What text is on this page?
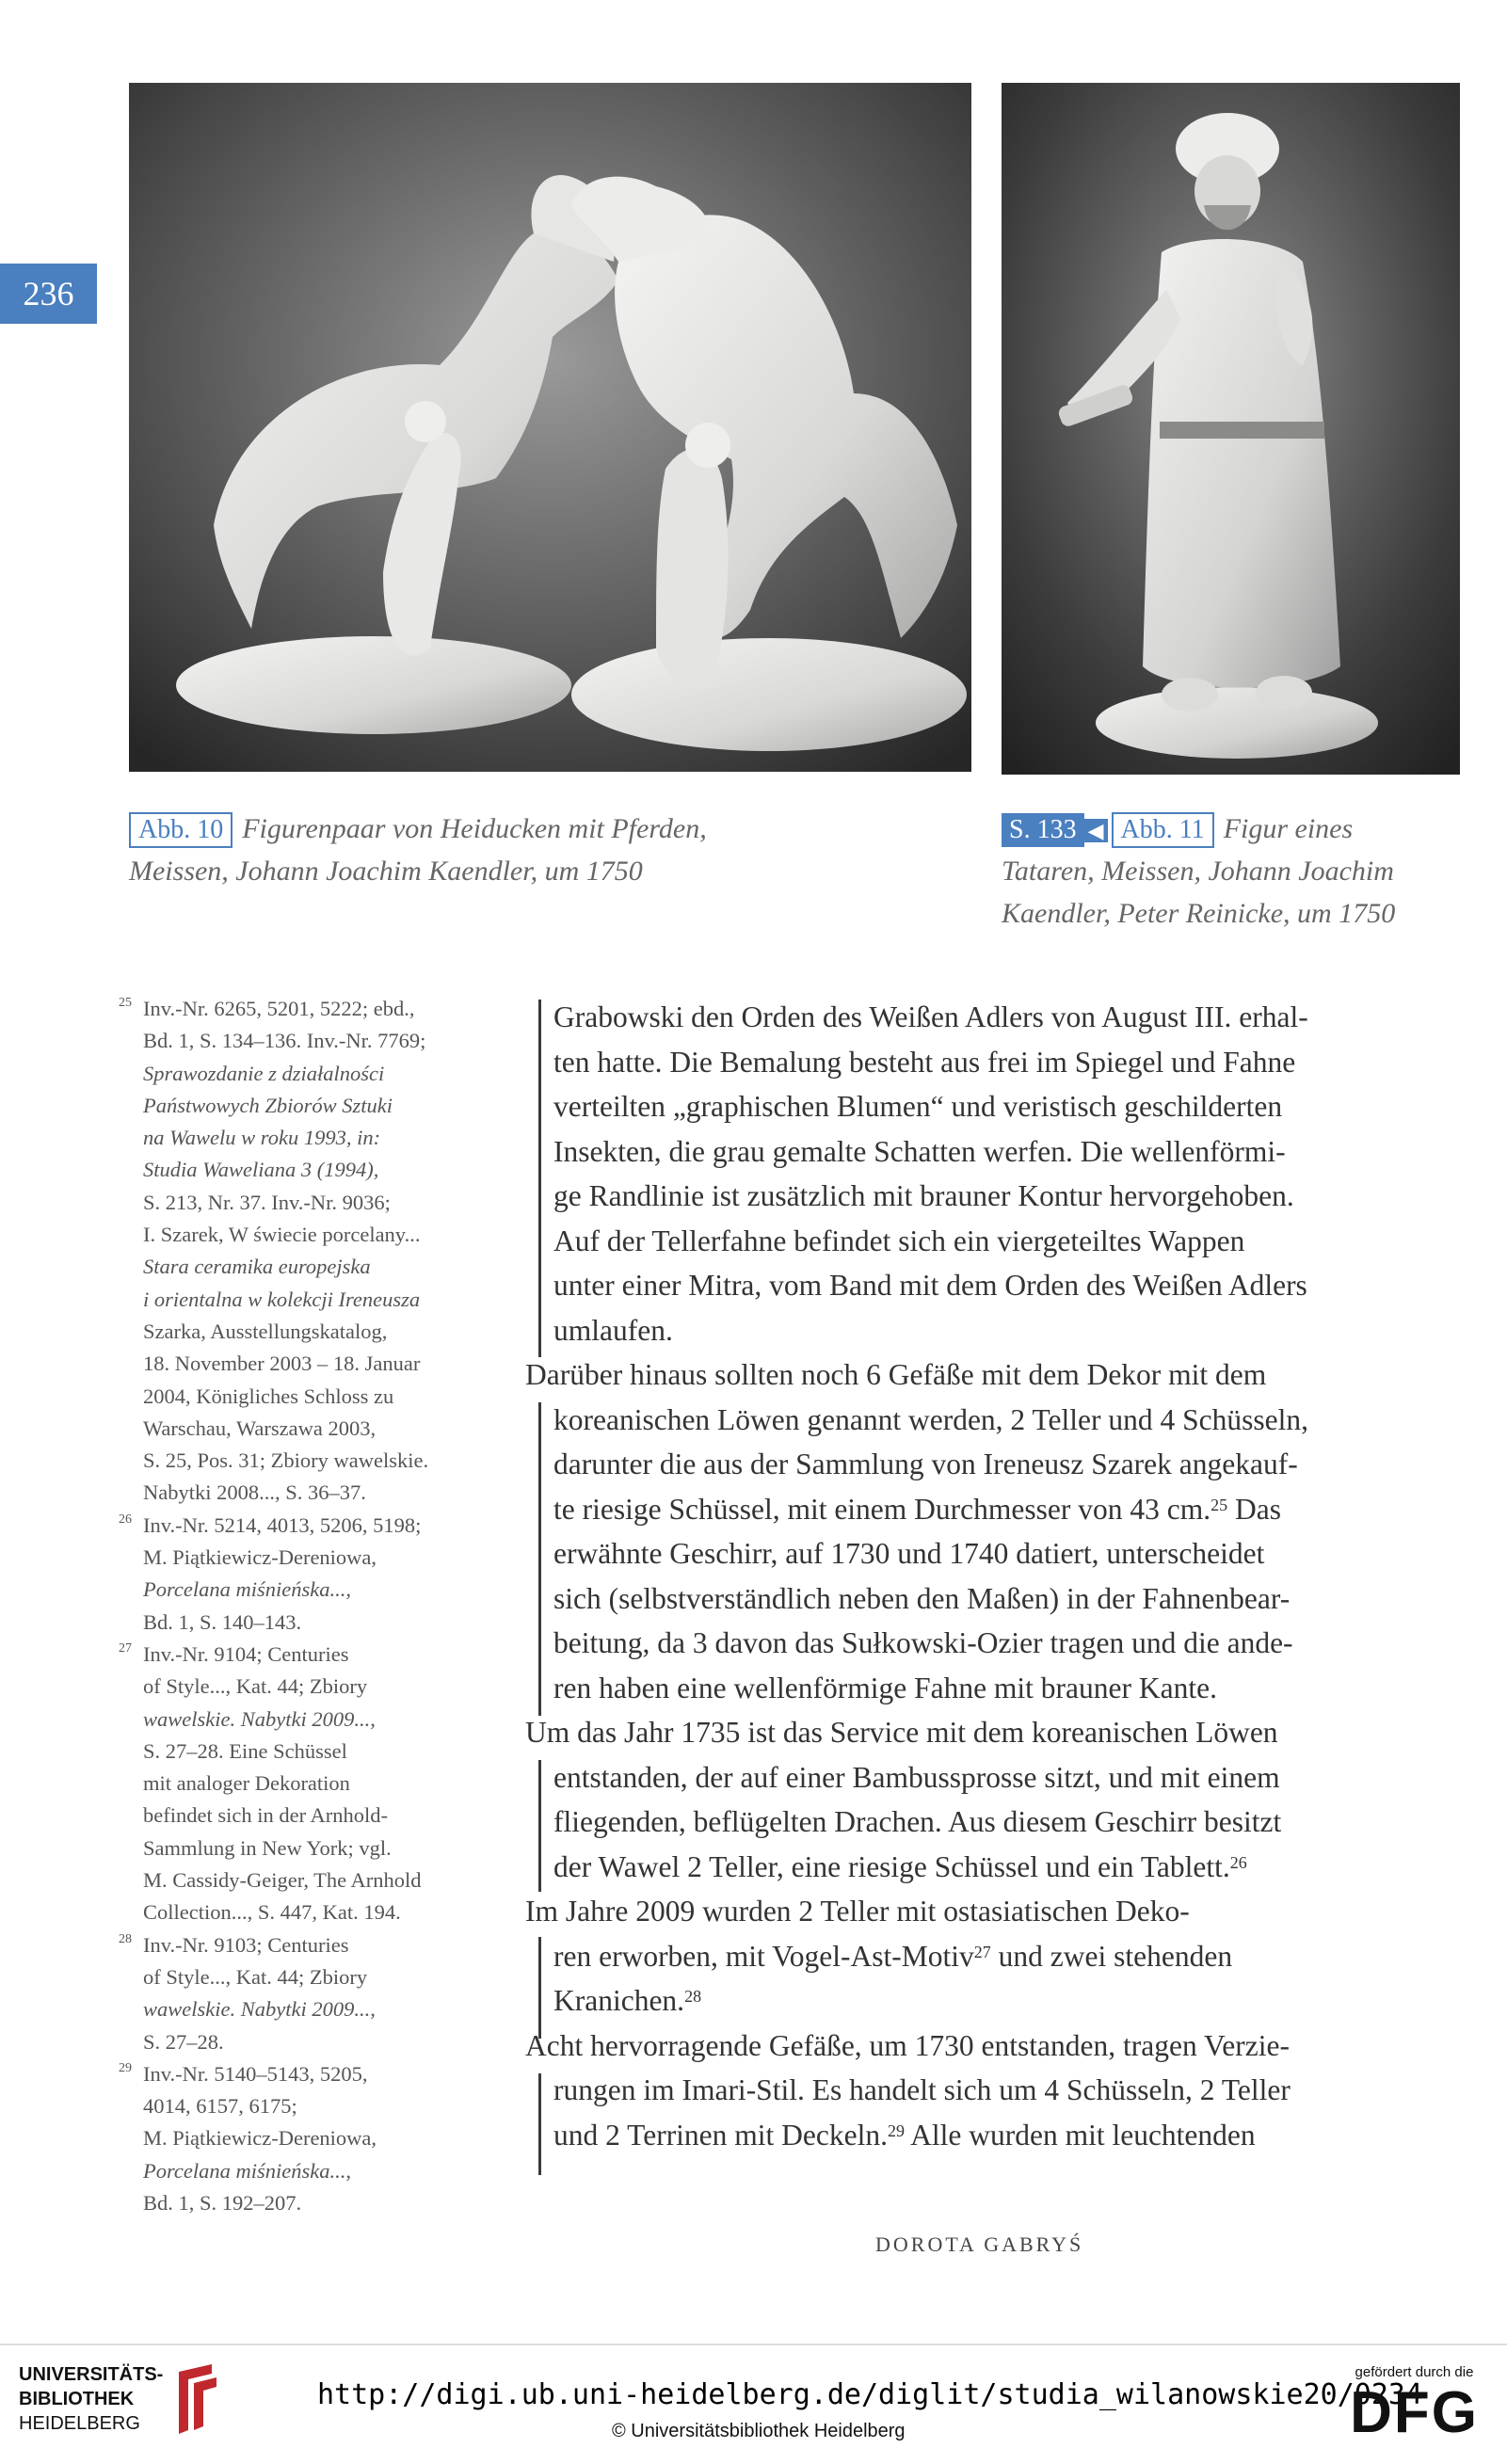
236
Abb. 10 Figurenpaar von Heiducken mit Pferden,
Meissen, Johann Joachim Kaendler, um 1750
S. 133 ◀ Abb. 11 Figur eines
Tataren, Meissen, Johann Joachim
Kaendler, Peter Reinicke, um 1750
25 Inv.-Nr. 6265, 5201, 5222; ebd.,
Bd. 1, S. 134–136. Inv.-Nr. 7769;
Sprawozdanie z działalności
Państwowych Zbiorów Sztuki
na Wawelu w roku 1993, in:
Studia Waweliana 3 (1994),
S. 213, Nr. 37. Inv.-Nr. 9036;
I. Szarek, W świecie porcelany...
Stara ceramika europejska
i orientalna w kolekcji Ireneusza
Szarka, Ausstellungskatalog,
18. November 2003 – 18. Januar
2004, Königliches Schloss zu
Warschau, Warszawa 2003,
S. 25, Pos. 31; Zbiory wawelskie.
Nabytki 2008..., S. 36–37.
26 Inv.-Nr. 5214, 4013, 5206, 5198;
M. Piątkiewicz-Dereniowa,
Porcelana miśnieńska...,
Bd. 1, S. 140–143.
27 Inv.-Nr. 9104; Centuries
of Style..., Kat. 44; Zbiory
wawelskie. Nabytki 2009...,
S. 27–28. Eine Schüssel
mit analoger Dekoration
befindet sich in der Arnhold-
Sammlung in New York; vgl.
M. Cassidy-Geiger, The Arnhold
Collection..., S. 447, Kat. 194.
28 Inv.-Nr. 9103; Centuries
of Style..., Kat. 44; Zbiory
wawelskie. Nabytki 2009...,
S. 27–28.
29 Inv.-Nr. 5140–5143, 5205,
4014, 6157, 6175;
M. Piątkiewicz-Dereniowa,
Porcelana miśnieńska...,
Bd. 1, S. 192–207.
Grabowski den Orden des Weißen Adlers von August III. erhal-
ten hatte. Die Bemalung besteht aus frei im Spiegel und Fahne
verteilten „graphischen Blumen“ und veristisch geschilderten
Insekten, die grau gemalte Schatten werfen. Die wellenförmi-
ge Randlinie ist zusätzlich mit brauner Kontur hervorgehoben.
Auf der Tellerfahne befindet sich ein viergeteiltes Wappen
unter einer Mitra, vom Band mit dem Orden des Weißen Adlers
umlaufen.
Darüber hinaus sollten noch 6 Gefäße mit dem Dekor mit dem
koreanischen Löwen genannt werden, 2 Teller und 4 Schüsseln,
darunter die aus der Sammlung von Ireneusz Szarek angekauf-
te riesige Schüssel, mit einem Durchmesser von 43 cm.$^{25}$ Das
erwähnte Geschirr, auf 1730 und 1740 datiert, unterscheidet
sich (selbstverständlich neben den Maßen) in der Fahnenbear-
beitung, da 3 davon das Sułkowski-Ozier tragen und die ande-
ren haben eine wellenförmige Fahne mit brauner Kante.
Um das Jahr 1735 ist das Service mit dem koreanischen Löwen
entstanden, der auf einer Bambussprosse sitzt, und mit einem
fliegenden, beflügelten Drachen. Aus diesem Geschirr besitzt
der Wawel 2 Teller, eine riesige Schüssel und ein Tablett.$^{26}$
Im Jahre 2009 wurden 2 Teller mit ostasiatischen Deko-
ren erworben, mit Vogel-Ast-Motiv$^{27}$ und zwei stehenden
Kranichen.$^{28}$
Acht hervorragende Gefäße, um 1730 entstanden, tragen Verzie-
rungen im Imari-Stil. Es handelt sich um 4 Schüsseln, 2 Teller
und 2 Terrinen mit Deckeln.$^{29}$ Alle wurden mit leuchtenden
DOROTA GABRYŚ
UNIVERSITÄTS-
BIBLIOTHEK
HEIDELBERG
http://digi.ub.uni-heidelberg.de/diglit/studia_wilanowskie20/0234
© Universitätsbibliothek Heidelberg
gefördert durch die
DFG
